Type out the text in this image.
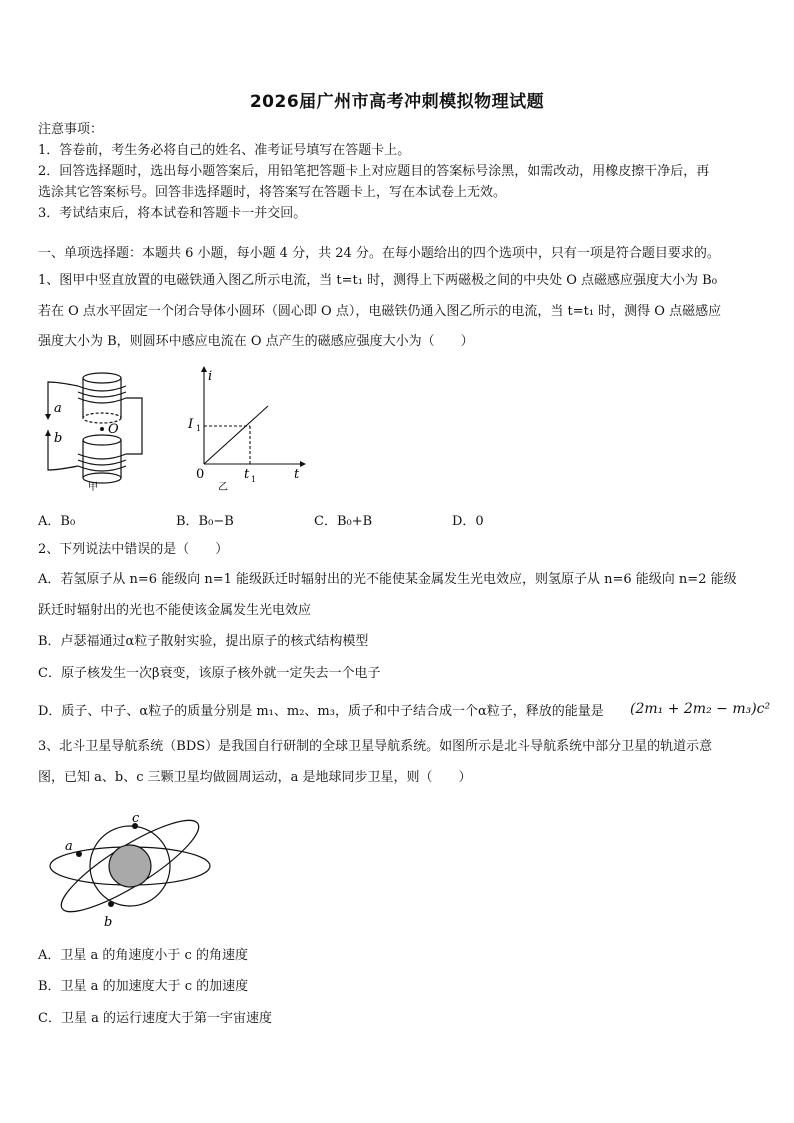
2026届广州市高考冲刺模拟物理试题
注意事项：
1．答卷前，考生务必将自己的姓名、准考证号填写在答题卡上。
2．回答选择题时，选出每小题答案后，用铅笔把答题卡上对应题目的答案标号涂黑，如需改动，用橡皮擦干净后，再
选涂其它答案标号。回答非选择题时，将答案写在答题卡上，写在本试卷上无效。
3．考试结束后，将本试卷和答题卡一并交回。
一、单项选择题：本题共 6 小题，每小题 4 分，共 24 分。在每小题给出的四个选项中，只有一项是符合题目要求的。
1、图甲中竖直放置的电磁铁通入图乙所示电流，当 t=t₁ 时，测得上下两磁极之间的中央处 O 点磁感应强度大小为 B₀
若在 O 点水平固定一个闭合导体小圆环（圆心即 O 点），电磁铁仍通入图乙所示的电流，当 t=t₁ 时，测得 O 点磁感应
强度大小为 B，则圆环中感应电流在 O 点产生的磁感应强度大小为（　　）
a
b
O
甲
i
t
I 1
0	t 1
乙
A．B₀	B．B₀−B	C．B₀+B	D．0
2、下列说法中错误的是（　　）
A．若氢原子从 n=6 能级向 n=1 能级跃迁时辐射出的光不能使某金属发生光电效应，则氢原子从 n=6 能级向 n=2 能级
跃迁时辐射出的光也不能使该金属发生光电效应
B．卢瑟福通过α粒子散射实验，提出原子的核式结构模型
C．原子核发生一次β衰变，该原子核外就一定失去一个电子
D．质子、中子、α粒子的质量分别是 m₁、m₂、m₃，质子和中子结合成一个α粒子，释放的能量是	(2m₁ + 2m₂ − m₃)c²
3、北斗卫星导航系统（BDS）是我国自行研制的全球卫星导航系统。如图所示是北斗导航系统中部分卫星的轨道示意
图，已知 a、b、c 三颗卫星均做圆周运动，a 是地球同步卫星，则（　　）
c
a
b
A．卫星 a 的角速度小于 c 的角速度
B．卫星 a 的加速度大于 c 的加速度
C．卫星 a 的运行速度大于第一宇宙速度
